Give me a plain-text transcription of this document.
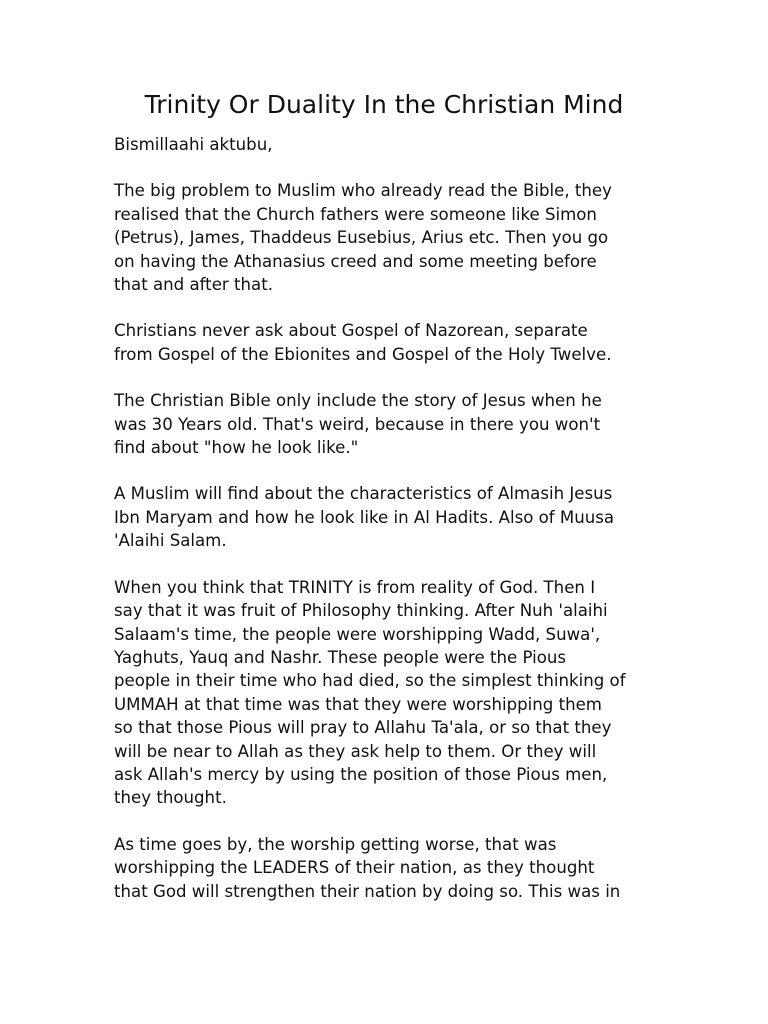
Trinity Or Duality In the Christian Mind

Bismillaahi aktubu,

The big problem to Muslim who already read the Bible, they
realised that the Church fathers were someone like Simon
(Petrus), James, Thaddeus Eusebius, Arius etc. Then you go
on having the Athanasius creed and some meeting before
that and after that.

Christians never ask about Gospel of Nazorean, separate
from Gospel of the Ebionites and Gospel of the Holy Twelve.

The Christian Bible only include the story of Jesus when he
was 30 Years old. That's weird, because in there you won't
find about "how he look like."

A Muslim will find about the characteristics of Almasih Jesus
Ibn Maryam and how he look like in Al Hadits. Also of Muusa
'Alaihi Salam.

When you think that TRINITY is from reality of God. Then I
say that it was fruit of Philosophy thinking. After Nuh 'alaihi
Salaam's time, the people were worshipping Wadd, Suwa',
Yaghuts, Yauq and Nashr. These people were the Pious
people in their time who had died, so the simplest thinking of
UMMAH at that time was that they were worshipping them
so that those Pious will pray to Allahu Ta'ala, or so that they
will be near to Allah as they ask help to them. Or they will
ask Allah's mercy by using the position of those Pious men,
they thought.

As time goes by, the worship getting worse, that was
worshipping the LEADERS of their nation, as they thought
that God will strengthen their nation by doing so. This was in
